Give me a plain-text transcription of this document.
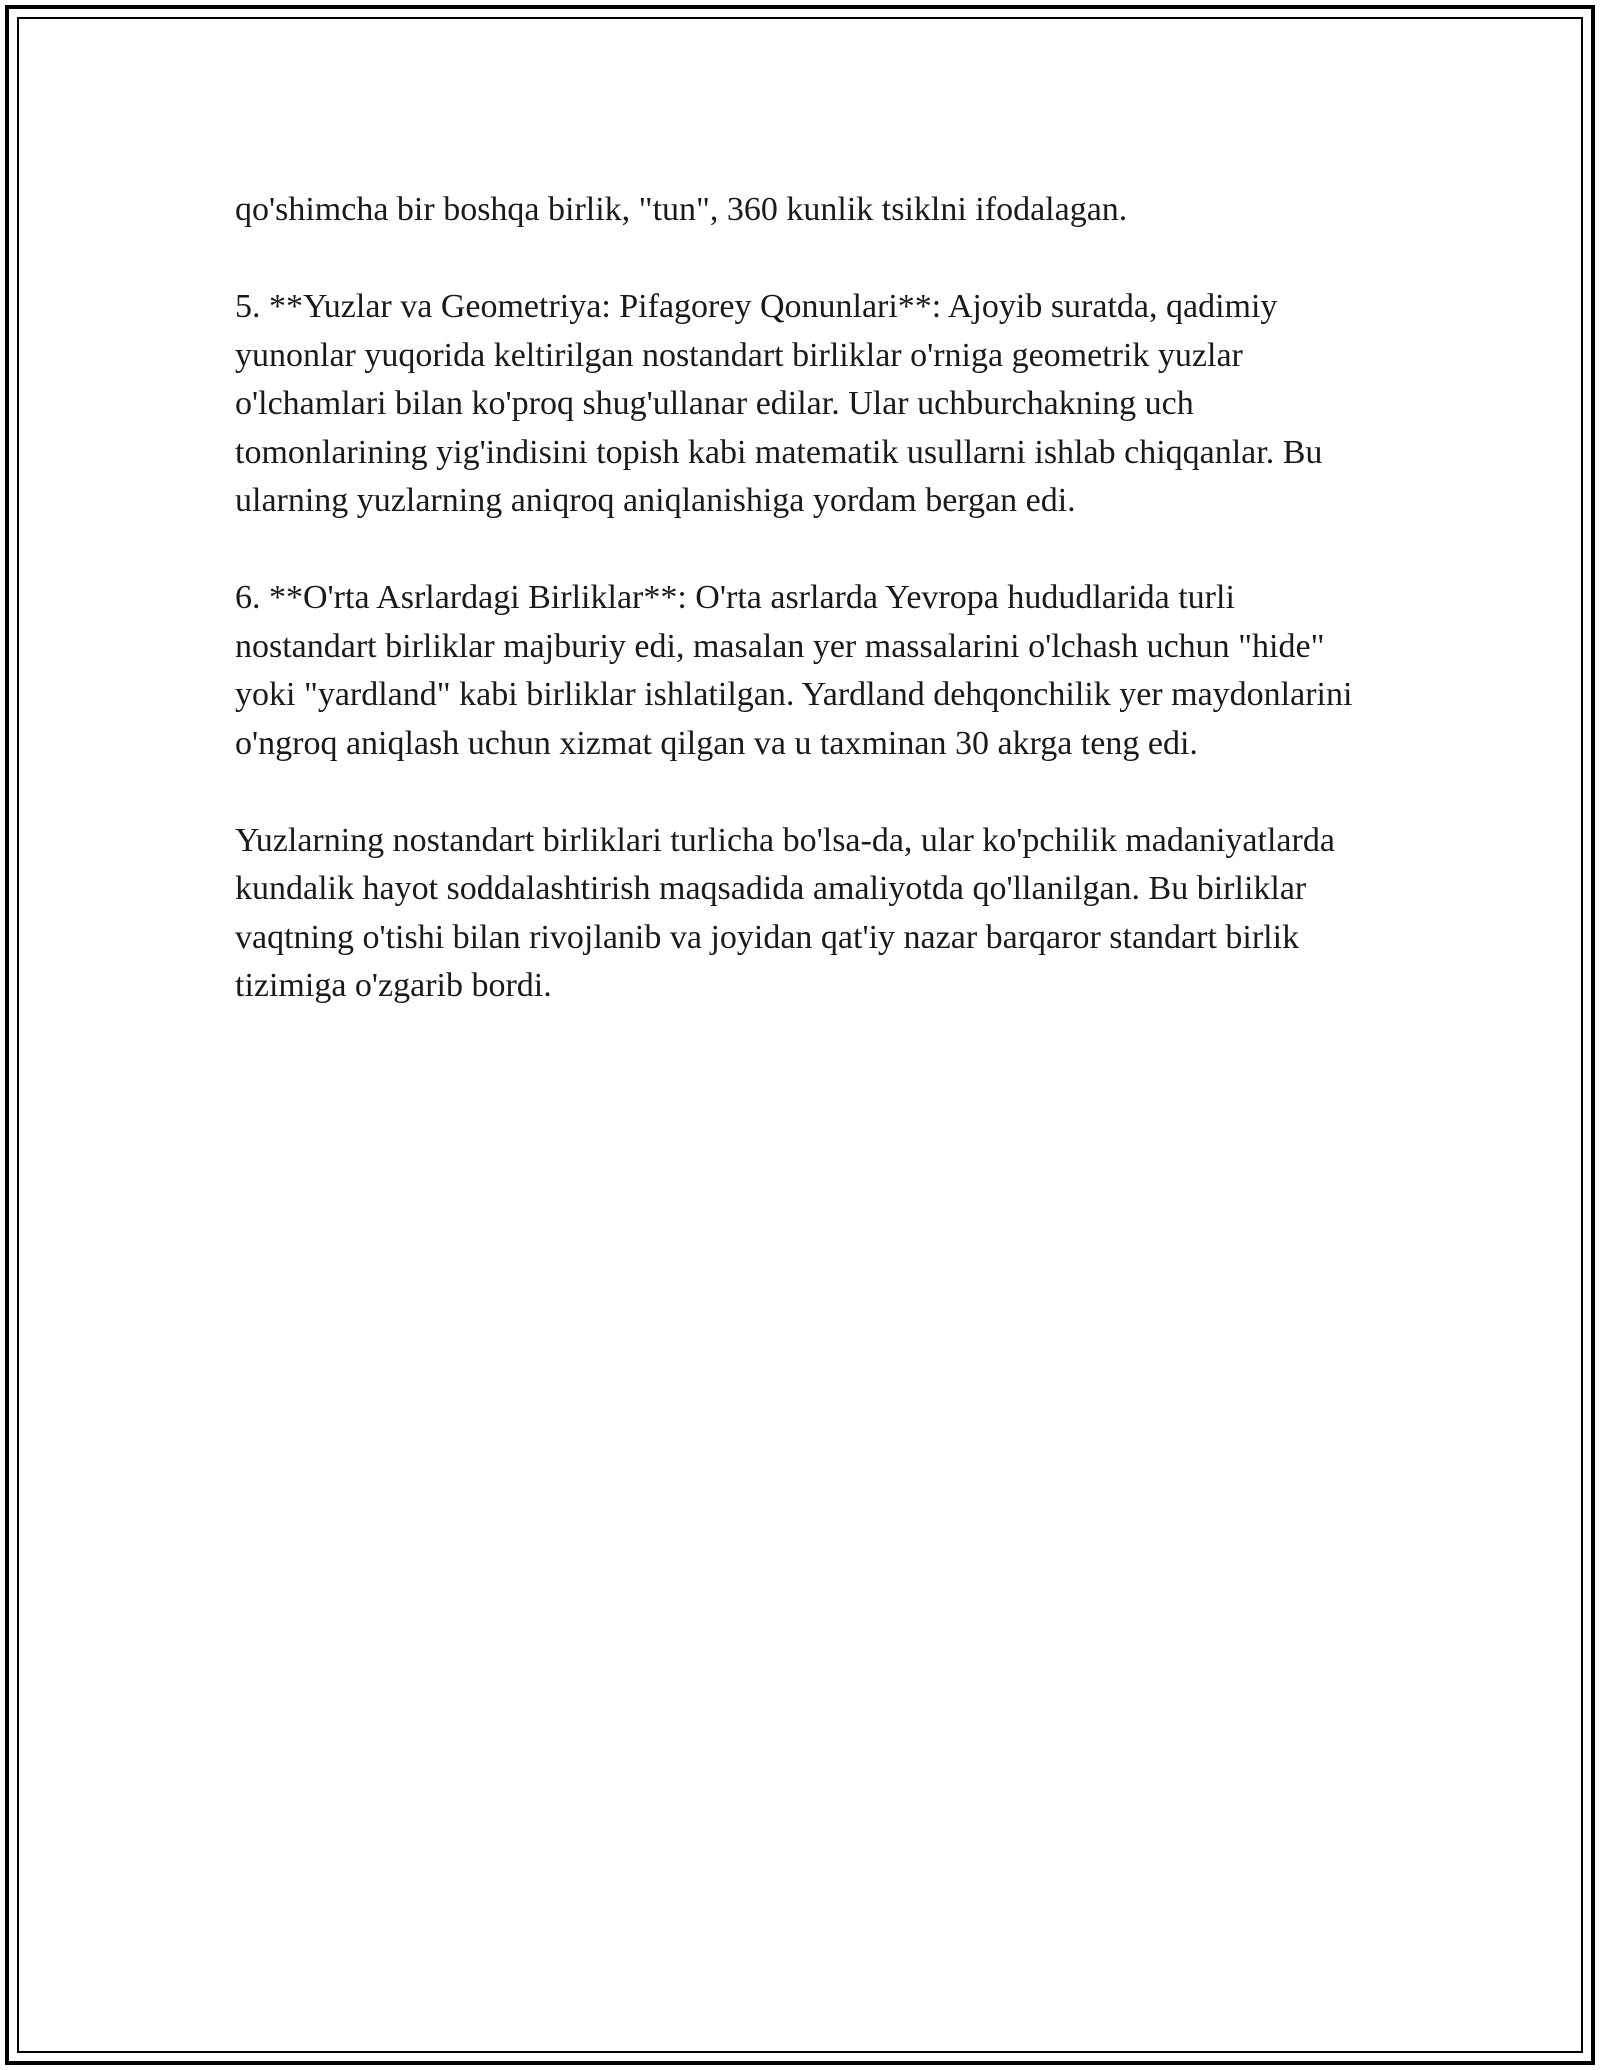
qo'shimcha bir boshqa birlik, "tun", 360 kunlik tsiklni ifodalagan.

5. **Yuzlar va Geometriya: Pifagorey Qonunlari**: Ajoyib suratda, qadimiy yunonlar yuqorida keltirilgan nostandart birliklar o'rniga geometrik yuzlar o'lchamlari bilan ko'proq shug'ullanar edilar. Ular uchburchakning uch tomonlarining yig'indisini topish kabi matematik usullarni ishlab chiqqanlar. Bu ularning yuzlarning aniqroq aniqlanishiga yordam bergan edi.

6. **O'rta Asrlardagi Birliklar**: O'rta asrlarda Yevropa hududlarida turli nostandart birliklar majburiy edi, masalan yer massalarini o'lchash uchun "hide" yoki "yardland" kabi birliklar ishlatilgan. Yardland dehqonchilik yer maydonlarini o'ngroq aniqlash uchun xizmat qilgan va u taxminan 30 akrga teng edi.

Yuzlarning nostandart birliklari turlicha bo'lsa-da, ular ko'pchilik madaniyatlarda kundalik hayot soddalashtirish maqsadida amaliyotda qo'llanilgan. Bu birliklar vaqtning o'tishi bilan rivojlanib va joyidan qat'iy nazar barqaror standart birlik tizimiga o'zgarib bordi.
